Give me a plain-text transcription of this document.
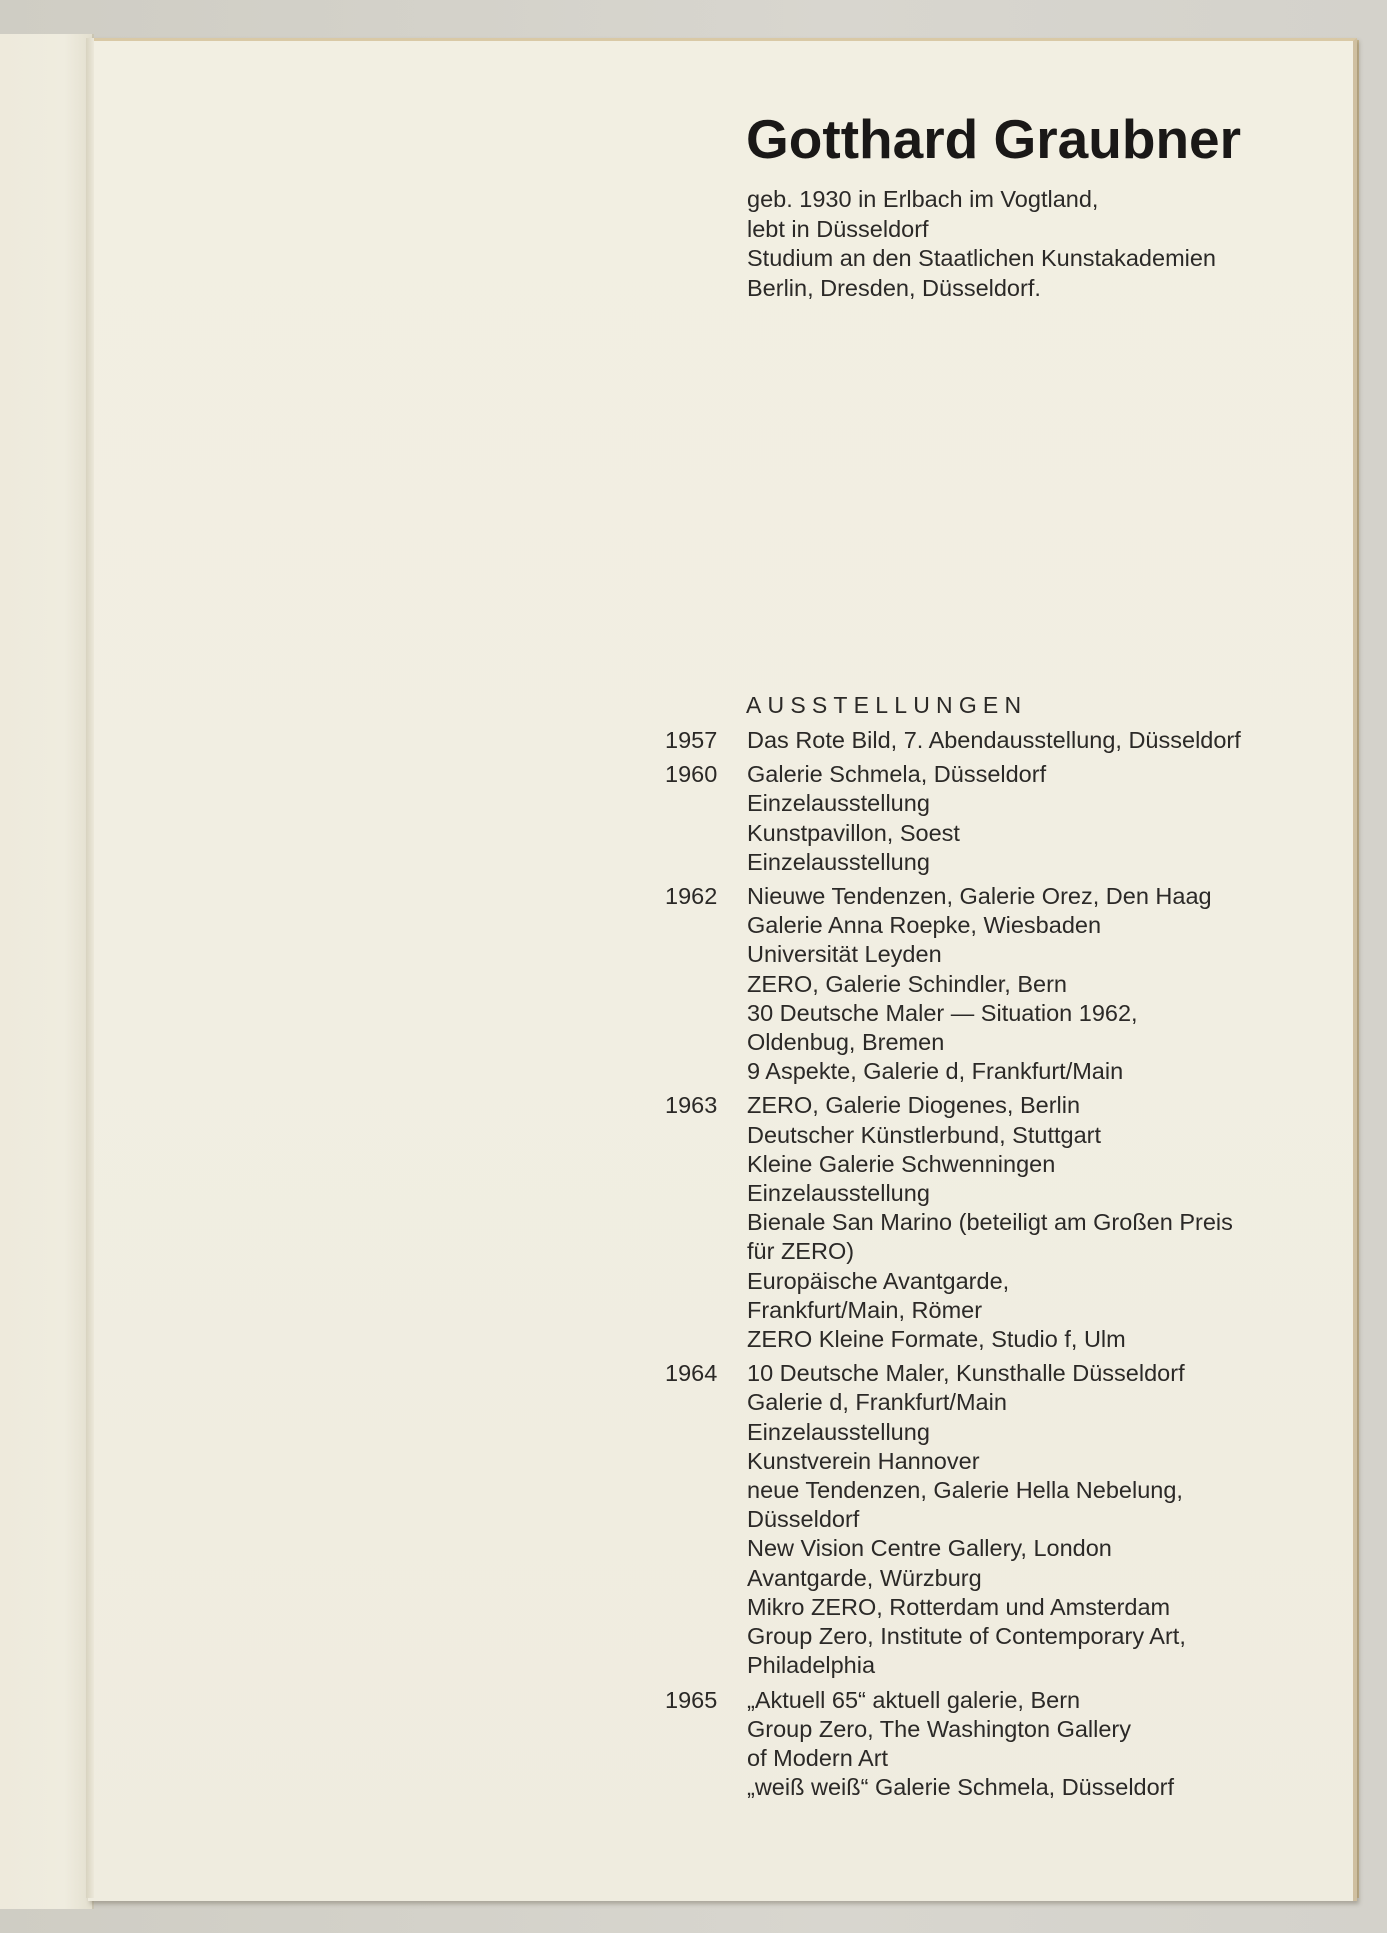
Gotthard Graubner
geb. 1930 in Erlbach im Vogtland,
lebt in Düsseldorf
Studium an den Staatlichen Kunstakademien
Berlin, Dresden, Düsseldorf.
AUSSTELLUNGEN
1957	Das Rote Bild, 7. Abendausstellung, Düsseldorf
1960	Galerie Schmela, Düsseldorf
Einzelausstellung
Kunstpavillon, Soest
Einzelausstellung
1962	Nieuwe Tendenzen, Galerie Orez, Den Haag
Galerie Anna Roepke, Wiesbaden
Universität Leyden
ZERO, Galerie Schindler, Bern
30 Deutsche Maler — Situation 1962,
Oldenbug, Bremen
9 Aspekte, Galerie d, Frankfurt/Main
1963	ZERO, Galerie Diogenes, Berlin
Deutscher Künstlerbund, Stuttgart
Kleine Galerie Schwenningen
Einzelausstellung
Bienale San Marino (beteiligt am Großen Preis
für ZERO)
Europäische Avantgarde,
Frankfurt/Main, Römer
ZERO Kleine Formate, Studio f, Ulm
1964	10 Deutsche Maler, Kunsthalle Düsseldorf
Galerie d, Frankfurt/Main
Einzelausstellung
Kunstverein Hannover
neue Tendenzen, Galerie Hella Nebelung,
Düsseldorf
New Vision Centre Gallery, London
Avantgarde, Würzburg
Mikro ZERO, Rotterdam und Amsterdam
Group Zero, Institute of Contemporary Art,
Philadelphia
1965	„Aktuell 65“ aktuell galerie, Bern
Group Zero, The Washington Gallery
of Modern Art
„weiß weiß“ Galerie Schmela, Düsseldorf
